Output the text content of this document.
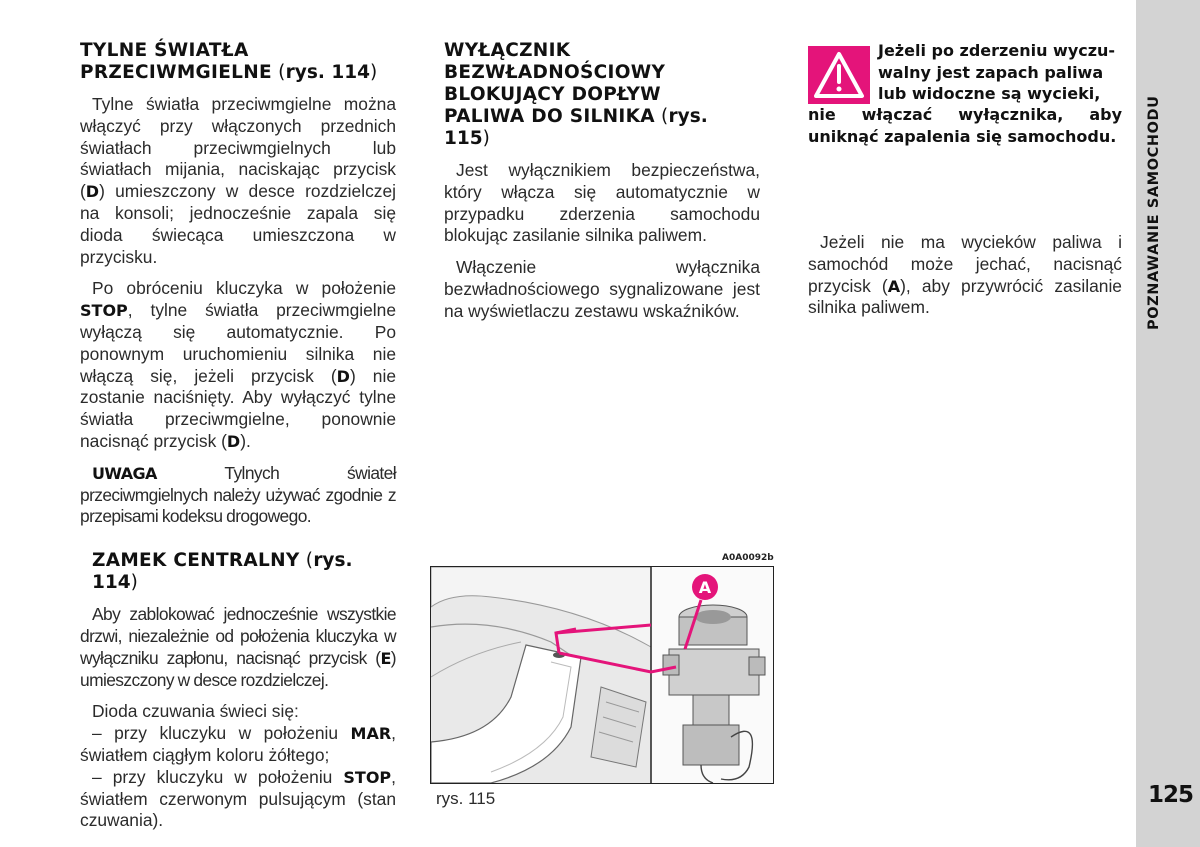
POZNAWANIE SAMOCHODU
125
TYLNE ŚWIATŁA
PRZECIWMGIELNE (rys. 114)

Tylne światła przeciwmgielne można włączyć przy włączonych przednich światłach przeciwmgielnych lub światłach mijania, naciskając przycisk (D) umieszczony w desce rozdzielczej na konsoli; jednocześnie zapala się dioda świecąca umieszczona w przycisku.

Po obróceniu kluczyka w położenie STOP, tylne światła przeciwmgielne wyłączą się automatycznie. Po ponownym uruchomieniu silnika nie włączą się, jeżeli przycisk (D) nie zostanie naciśnięty. Aby wyłączyć tylne światła przeciwmgielne, ponownie nacisnąć przycisk (D).

UWAGA Tylnych świateł przeciwmgielnych należy używać zgodnie z przepisami kodeksu drogowego.

ZAMEK CENTRALNY (rys. 114)

Aby zablokować jednocześnie wszystkie drzwi, niezależnie od położenia kluczyka w wyłączniku zapłonu, nacisnąć przycisk (E) umieszczony w desce rozdzielczej.

Dioda czuwania świeci się:

– przy kluczyku w położeniu MAR, światłem ciągłym koloru żółtego;

– przy kluczyku w położeniu STOP, światłem czerwonym pulsującym (stan czuwania).

WYŁĄCZNIK
BEZWŁADNOŚCIOWY
BLOKUJĄCY DOPŁYW
PALIWA DO SILNIKA (rys. 115)

Jest wyłącznikiem bezpieczeństwa, który włącza się automatycznie w przypadku zderzenia samochodu blokując zasilanie silnika paliwem.

Włączenie wyłącznika bezwładnościowego sygnalizowane jest na wyświetlaczu zestawu wskaźników.

Jeżeli po zderzeniu wyczu-
walny jest zapach paliwa
lub widoczne są wycieki,
nie włączać wyłącznika, aby uniknąć zapalenia się samochodu.

Jeżeli nie ma wycieków paliwa i samochód może jechać, nacisnąć przycisk (A), aby przywrócić zasilanie silnika paliwem.

A0A0092b
A
rys. 115
